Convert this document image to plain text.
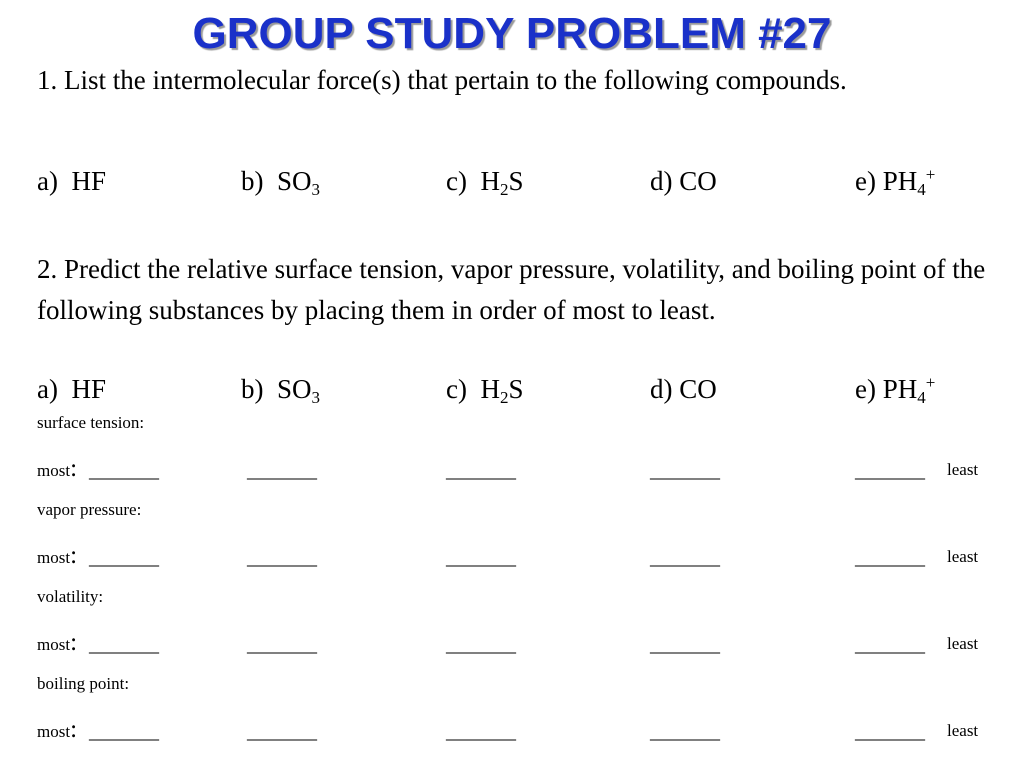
GROUP STUDY PROBLEM #27
1. List the intermolecular force(s) that pertain to the following compounds.
a) HF	b) $SO_3$	c) $H_2S$	d) CO	e) $PH_4^+$
2. Predict the relative surface tension, vapor pressure, volatility, and boiling point of the following substances by placing them in order of most to least.
a) HF	b) $SO_3$	c) $H_2S$	d) CO	e) $PH_4^+$
surface tension:
most: _______	_______	_______	_______	_______ least
vapor pressure:
most: _______	_______	_______	_______	_______ least
volatility:
most: _______	_______	_______	_______	_______ least
boiling point:
most: _______	_______	_______	_______	_______ least
